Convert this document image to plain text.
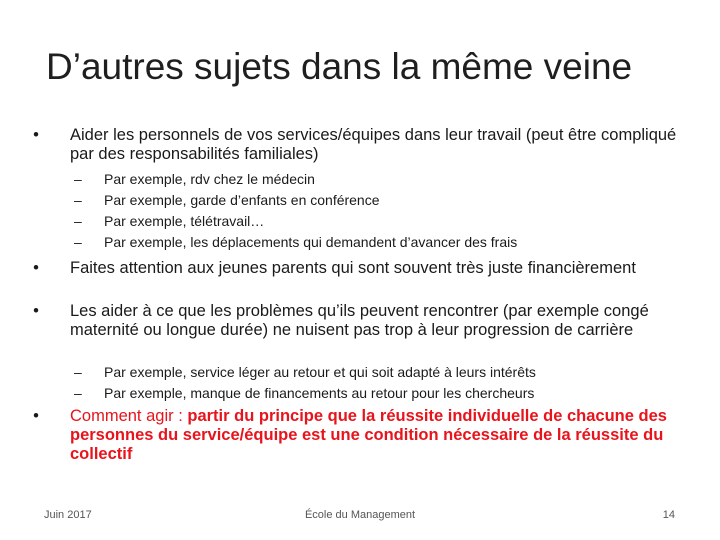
D’autres sujets dans la même veine
• Aider les personnels de vos services/équipes dans leur travail (peut être compliqué par des responsabilités familiales)
– Par exemple, rdv chez le médecin
– Par exemple, garde d’enfants en conférence
– Par exemple, télétravail…
– Par exemple, les déplacements qui demandent d’avancer des frais
• Faites attention aux jeunes parents qui sont souvent très juste financièrement
• Les aider à ce que les problèmes qu’ils peuvent rencontrer (par exemple congé maternité ou longue durée) ne nuisent pas trop à leur progression de carrière
– Par exemple, service léger au retour et qui soit adapté à leurs intérêts
– Par exemple, manque de financements au retour pour les chercheurs
• Comment agir : partir du principe que la réussite individuelle de chacune des personnes du service/équipe est une condition nécessaire de la réussite du collectif
Juin 2017	École du Management	14
